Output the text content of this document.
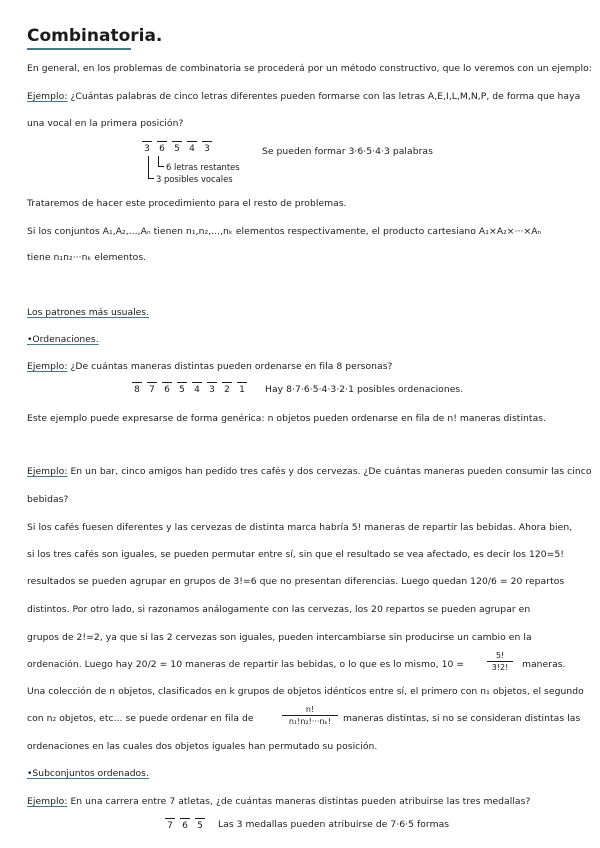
Combinatoria.
En general, en los problemas de combinatoria se procederá por un método constructivo, que lo veremos con un ejemplo:
Ejemplo: ¿Cuántas palabras de cinco letras diferentes pueden formarse con las letras A,E,I,L,M,N,P, de forma que haya
una vocal en la primera posición?
3 6 5 4 3
6 letras restantes
3 posibles vocales
Se pueden formar 3·6·5·4·3 palabras
Trataremos de hacer este procedimiento para el resto de problemas.
Si los conjuntos A₁,A₂,...,Aₙ tienen n₁,n₂,...,nₖ elementos respectivamente, el producto cartesiano A₁×A₂×···×Aₙ
tiene n₁n₂···nₖ elementos.
Los patrones más usuales.
•Ordenaciones.
Ejemplo: ¿De cuántas maneras distintas pueden ordenarse en fila 8 personas?
8 7 6 5 4 3 2 1 Hay 8·7·6·5·4·3·2·1 posibles ordenaciones.
Este ejemplo puede expresarse de forma genérica: n objetos pueden ordenarse en fila de n! maneras distintas.
Ejemplo: En un bar, cinco amigos han pedido tres cafés y dos cervezas. ¿De cuántas maneras pueden consumir las cinco
bebidas?
Si los cafés fuesen diferentes y las cervezas de distinta marca habría 5! maneras de repartir las bebidas. Ahora bien,
si los tres cafés son iguales, se pueden permutar entre sí, sin que el resultado se vea afectado, es decir los 120=5!
resultados se pueden agrupar en grupos de 3!=6 que no presentan diferencias. Luego quedan 120/6 = 20 repartos
distintos. Por otro lado, si razonamos análogamente con las cervezas, los 20 repartos se pueden agrupar en
grupos de 2!=2, ya que si las 2 cervezas son iguales, pueden intercambiarse sin producirse un cambio en la
ordenación. Luego hay 20/2 = 10 maneras de repartir las bebidas, o lo que es lo mismo, 10 =
5!
3!2! maneras.
Una colección de n objetos, clasificados en k grupos de objetos idénticos entre sí, el primero con n₁ objetos, el segundo
con n₂ objetos, etc... se puede ordenar en fila de
n!
n₁!n₂!···nₖ! maneras distintas, si no se consideran distintas las
ordenaciones en las cuales dos objetos iguales han permutado su posición.
•Subconjuntos ordenados.
Ejemplo: En una carrera entre 7 atletas, ¿de cuántas maneras distintas pueden atribuirse las tres medallas?
7 6 5 Las 3 medallas pueden atribuirse de 7·6·5 formas
